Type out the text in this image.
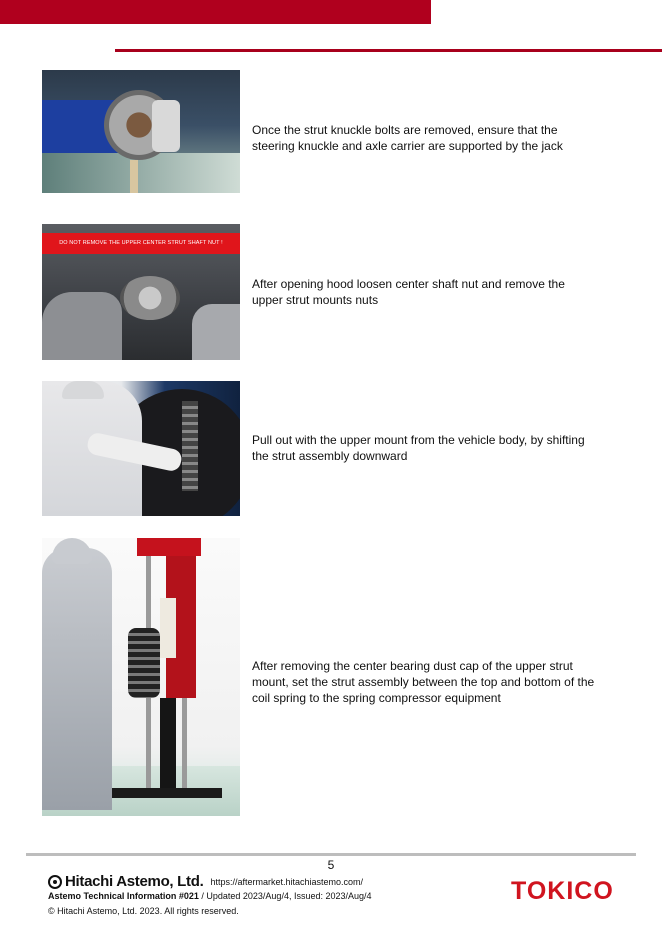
Once the strut knuckle bolts are removed, ensure that the steering knuckle and axle carrier are supported by the jack
DO NOT REMOVE THE UPPER CENTER STRUT SHAFT NUT !
After opening hood loosen center shaft nut and remove the upper strut mounts nuts
Pull out with the upper mount from the vehicle body, by shifting the strut assembly downward
After removing the center bearing dust cap of the upper strut mount, set the strut assembly between the top and bottom of the coil spring to the spring compressor equipment
5
Hitachi Astemo, Ltd. https://aftermarket.hitachiastemo.com/
Astemo Technical Information #021 / Updated 2023/Aug/4, Issued: 2023/Aug/4
© Hitachi Astemo, Ltd. 2023. All rights reserved.
TOKICO
